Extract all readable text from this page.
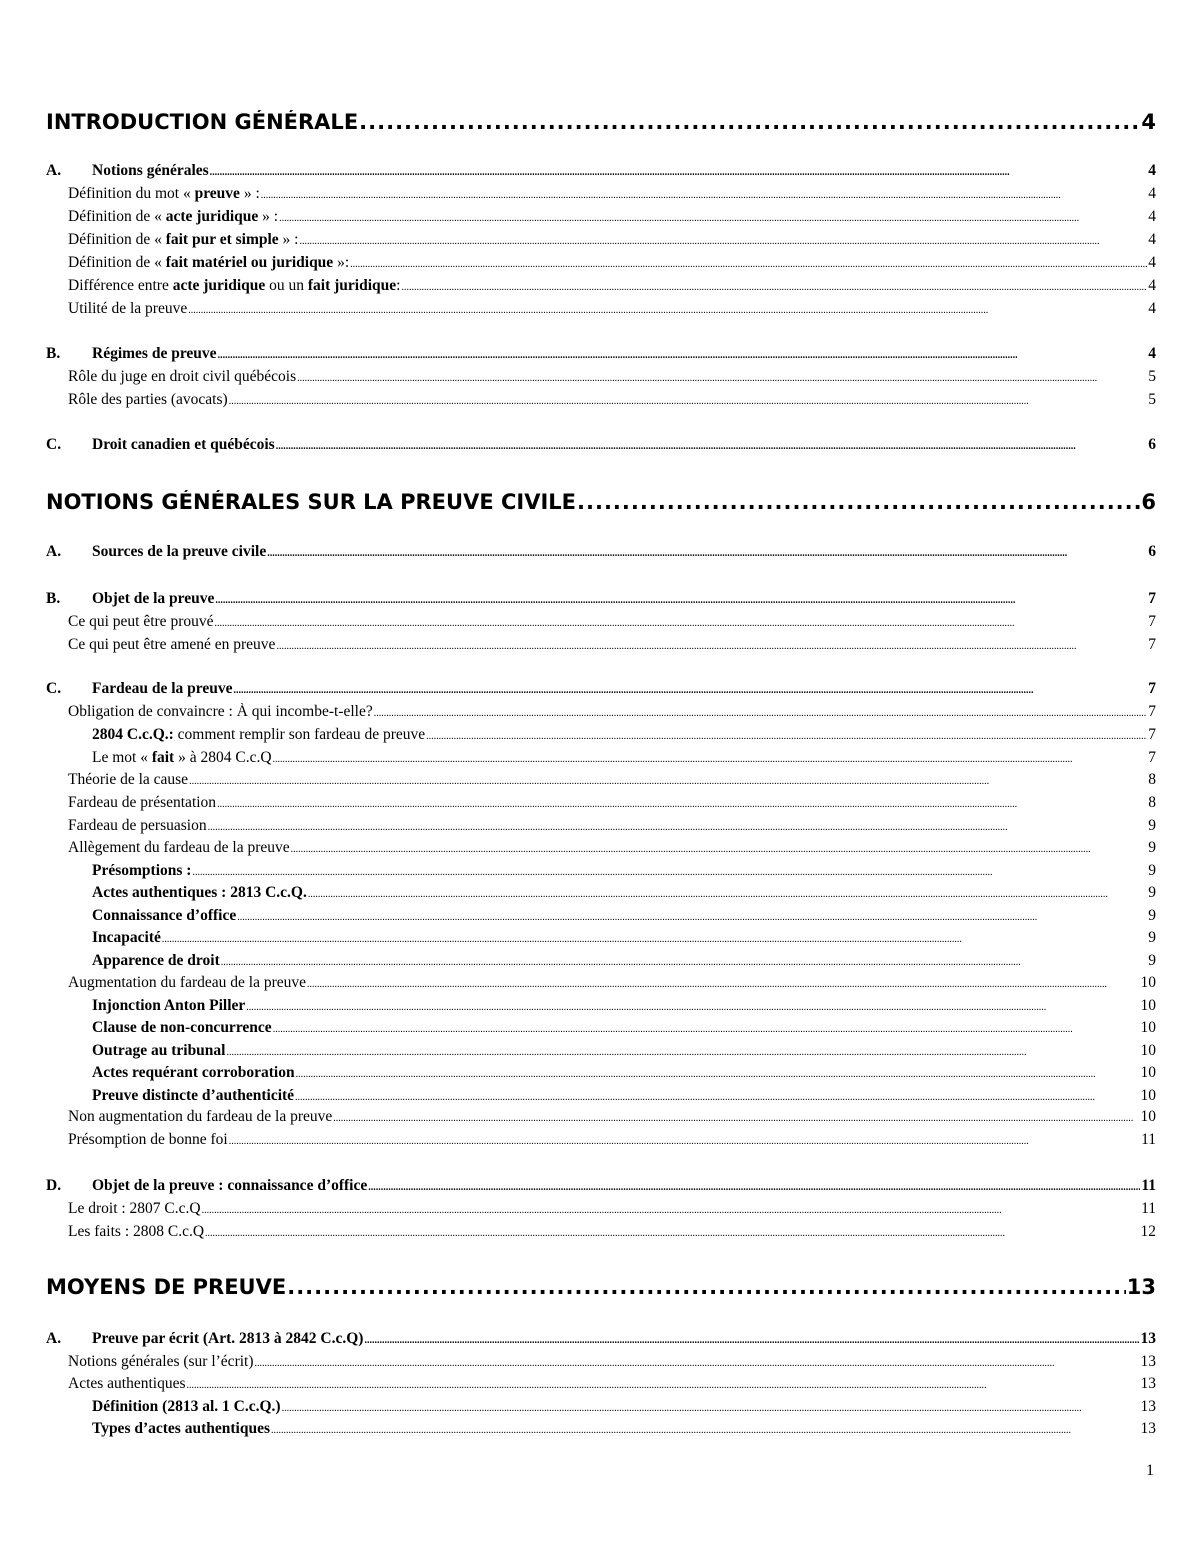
INTRODUCTION GÉNÉRALE .....	4
A.	Notions générales .....	4
Définition du mot « preuve » : .....	4
Définition de « acte juridique » : .....	4
Définition de « fait pur et simple » : .....	4
Définition de « fait matériel ou juridique »: .....	4
Différence entre acte juridique ou un fait juridique: .....	4
Utilité de la preuve .....	4
B.	Régimes de preuve .....	4
Rôle du juge en droit civil québécois .....	5
Rôle des parties (avocats) .....	5
C.	Droit canadien et québécois .....	6
NOTIONS GÉNÉRALES SUR LA PREUVE CIVILE .....	6
A.	Sources de la preuve civile .....	6
B.	Objet de la preuve .....	7
Ce qui peut être prouvé .....	7
Ce qui peut être amené en preuve .....	7
C.	Fardeau de la preuve .....	7
Obligation de convaincre : À qui incombe-t-elle? .....	7
2804 C.c.Q.: comment remplir son fardeau de preuve .....	7
Le mot « fait » à 2804 C.c.Q .....	7
Théorie de la cause .....	8
Fardeau de présentation .....	8
Fardeau de persuasion .....	9
Allègement du fardeau de la preuve .....	9
Présomptions : .....	9
Actes authentiques : 2813 C.c.Q. .....	9
Connaissance d’office .....	9
Incapacité .....	9
Apparence de droit .....	9
Augmentation du fardeau de la preuve .....	10
Injonction Anton Piller .....	10
Clause de non-concurrence .....	10
Outrage au tribunal .....	10
Actes requérant corroboration .....	10
Preuve distincte d’authenticité .....	10
Non augmentation du fardeau de la preuve .....	10
Présomption de bonne foi .....	11
D.	Objet de la preuve : connaissance d’office .....	11
Le droit : 2807 C.c.Q .....	11
Les faits : 2808 C.c.Q .....	12
MOYENS DE PREUVE .....	13
A.	Preuve par écrit (Art. 2813 à 2842 C.c.Q) .....	13
Notions générales (sur l’écrit) .....	13
Actes authentiques .....	13
Définition (2813 al. 1 C.c.Q.) .....	13
Types d’actes authentiques .....	13
1
